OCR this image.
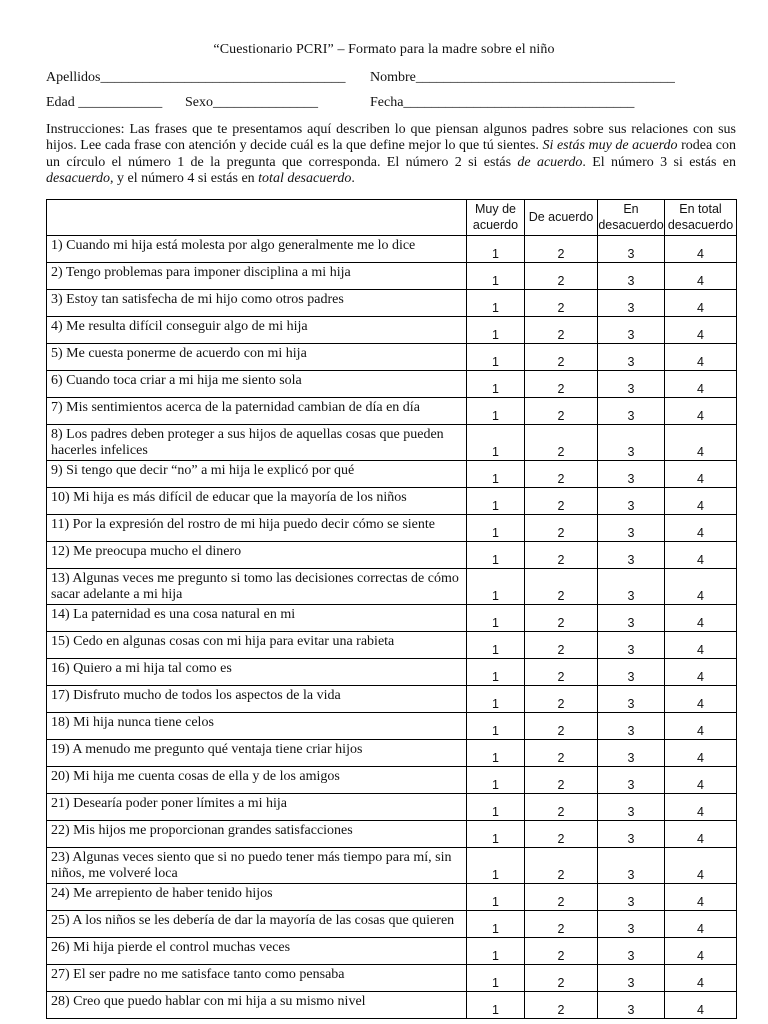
“Cuestionario PCRI” – Formato para la madre sobre el niño
Apellidos___________________________________ Nombre_____________________________________
Edad ____________ Sexo_______________	Fecha_________________________________
Instrucciones: Las frases que te presentamos aquí describen lo que piensan algunos padres sobre sus relaciones con sus hijos. Lee cada frase con atención y decide cuál es la que define mejor lo que tú sientes. Si estás muy de acuerdo rodea con un círculo el número 1 de la pregunta que corresponda. El número 2 si estás de acuerdo. El número 3 si estás en desacuerdo, y el número 4 si estás en total desacuerdo.
	Muy de acuerdo	De acuerdo	En desacuerdo	En total desacuerdo
1) Cuando mi hija está molesta por algo generalmente me lo dice	1	2	3	4
2) Tengo problemas para imponer disciplina a mi hija	1	2	3	4
3) Estoy tan satisfecha de mi hijo como otros padres	1	2	3	4
4) Me resulta difícil conseguir algo de mi hija	1	2	3	4
5) Me cuesta ponerme de acuerdo con mi hija	1	2	3	4
6) Cuando toca criar a mi hija me siento sola	1	2	3	4
7) Mis sentimientos acerca de la paternidad cambian de día en día	1	2	3	4
8) Los padres deben proteger a sus hijos de aquellas cosas que pueden hacerles infelices	1	2	3	4
9) Si tengo que decir “no” a mi hija le explicó por qué	1	2	3	4
10) Mi hija es más difícil de educar que la mayoría de los niños	1	2	3	4
11) Por la expresión del rostro de mi hija puedo decir cómo se siente	1	2	3	4
12) Me preocupa mucho el dinero	1	2	3	4
13) Algunas veces me pregunto si tomo las decisiones correctas de cómo sacar adelante a mi hija	1	2	3	4
14) La paternidad es una cosa natural en mi	1	2	3	4
15) Cedo en algunas cosas con mi hija para evitar una rabieta	1	2	3	4
16) Quiero a mi hija tal como es	1	2	3	4
17) Disfruto mucho de todos los aspectos de la vida	1	2	3	4
18) Mi hija nunca tiene celos	1	2	3	4
19) A menudo me pregunto qué ventaja tiene criar hijos	1	2	3	4
20) Mi hija me cuenta cosas de ella y de los amigos	1	2	3	4
21) Desearía poder poner límites a mi hija	1	2	3	4
22) Mis hijos me proporcionan grandes satisfacciones	1	2	3	4
23) Algunas veces siento que si no puedo tener más tiempo para mí, sin niños, me volveré loca	1	2	3	4
24) Me arrepiento de haber tenido hijos	1	2	3	4
25) A los niños se les debería de dar la mayoría de las cosas que quieren	1	2	3	4
26) Mi hija pierde el control muchas veces	1	2	3	4
27) El ser padre no me satisface tanto como pensaba	1	2	3	4
28) Creo que puedo hablar con mi hija a su mismo nivel	1	2	3	4
